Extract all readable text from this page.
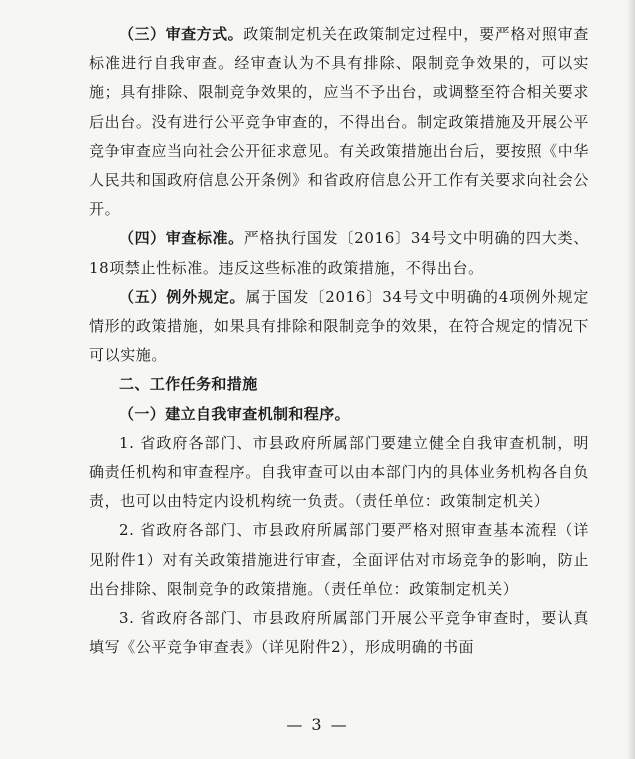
（三）审查方式。政策制定机关在政策制定过程中，要严格对照审查标准进行自我审查。经审查认为不具有排除、限制竞争效果的，可以实施；具有排除、限制竞争效果的，应当不予出台，或调整至符合相关要求后出台。没有进行公平竞争审查的，不得出台。制定政策措施及开展公平竞争审查应当向社会公开征求意见。有关政策措施出台后，要按照《中华人民共和国政府信息公开条例》和省政府信息公开工作有关要求向社会公开。

（四）审查标准。严格执行国发〔2016〕34号文中明确的四大类、18项禁止性标准。违反这些标准的政策措施，不得出台。

（五）例外规定。属于国发〔2016〕34号文中明确的4项例外规定情形的政策措施，如果具有排除和限制竞争的效果，在符合规定的情况下可以实施。

二、工作任务和措施

（一）建立自我审查机制和程序。

1. 省政府各部门、市县政府所属部门要建立健全自我审查机制，明确责任机构和审查程序。自我审查可以由本部门内的具体业务机构各自负责，也可以由特定内设机构统一负责。（责任单位：政策制定机关）

2. 省政府各部门、市县政府所属部门要严格对照审查基本流程（详见附件1）对有关政策措施进行审查，全面评估对市场竞争的影响，防止出台排除、限制竞争的政策措施。（责任单位：政策制定机关）

3. 省政府各部门、市县政府所属部门开展公平竞争审查时，要认真填写《公平竞争审查表》（详见附件2），形成明确的书面

— 3 —
